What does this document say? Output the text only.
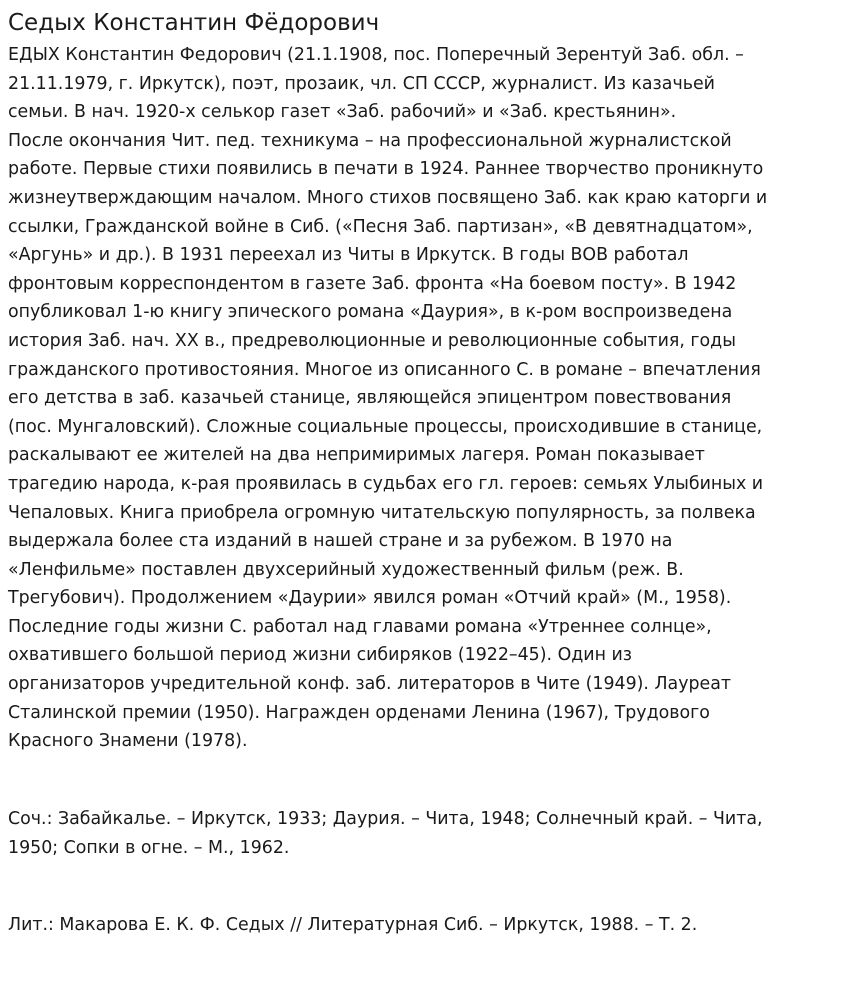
Седых Константин Фёдорович
ЕДЫХ Константин Федорович (21.1.1908, пос. Поперечный Зерентуй Заб. обл. –
21.11.1979, г. Иркутск), поэт, прозаик, чл. СП СССР, журналист. Из казачьей
семьи. В нач. 1920-х селькор газет «Заб. рабочий» и «Заб. крестьянин».
После окончания Чит. пед. техникума – на профессиональной журналистской
работе. Первые стихи появились в печати в 1924. Раннее творчество проникнуто
жизнеутверждающим началом. Много стихов посвящено Заб. как краю каторги и
ссылки, Гражданской войне в Сиб. («Песня Заб. партизан», «В девятнадцатом»,
«Аргунь» и др.). В 1931 переехал из Читы в Иркутск. В годы ВОВ работал
фронтовым корреспондентом в газете Заб. фронта «На боевом посту». В 1942
опубликовал 1-ю книгу эпического романа «Даурия», в к-ром воспроизведена
история Заб. нач. XX в., предреволюционные и революционные события, годы
гражданского противостояния. Многое из описанного С. в романе – впечатления
его детства в заб. казачьей станице, являющейся эпицентром повествования
(пос. Мунгаловский). Сложные социальные процессы, происходившие в станице,
раскалывают ее жителей на два непримиримых лагеря. Роман показывает
трагедию народа, к-рая проявилась в судьбах его гл. героев: семьях Улыбиных и
Чепаловых. Книга приобрела огромную читательскую популярность, за полвека
выдержала более ста изданий в нашей стране и за рубежом. В 1970 на
«Ленфильме» поставлен двухсерийный художественный фильм (реж. В.
Трегубович). Продолжением «Даурии» явился роман «Отчий край» (М., 1958).
Последние годы жизни С. работал над главами романа «Утреннее солнце»,
охватившего большой период жизни сибиряков (1922–45). Один из
организаторов учредительной конф. заб. литераторов в Чите (1949). Лауреат
Сталинской премии (1950). Награжден орденами Ленина (1967), Трудового
Красного Знамени (1978).
Соч.: Забайкалье. – Иркутск, 1933; Даурия. – Чита, 1948; Солнечный край. – Чита,
1950; Сопки в огне. – М., 1962.
Лит.: Макарова Е. К. Ф. Седых // Литературная Сиб. – Иркутск, 1988. – Т. 2.
